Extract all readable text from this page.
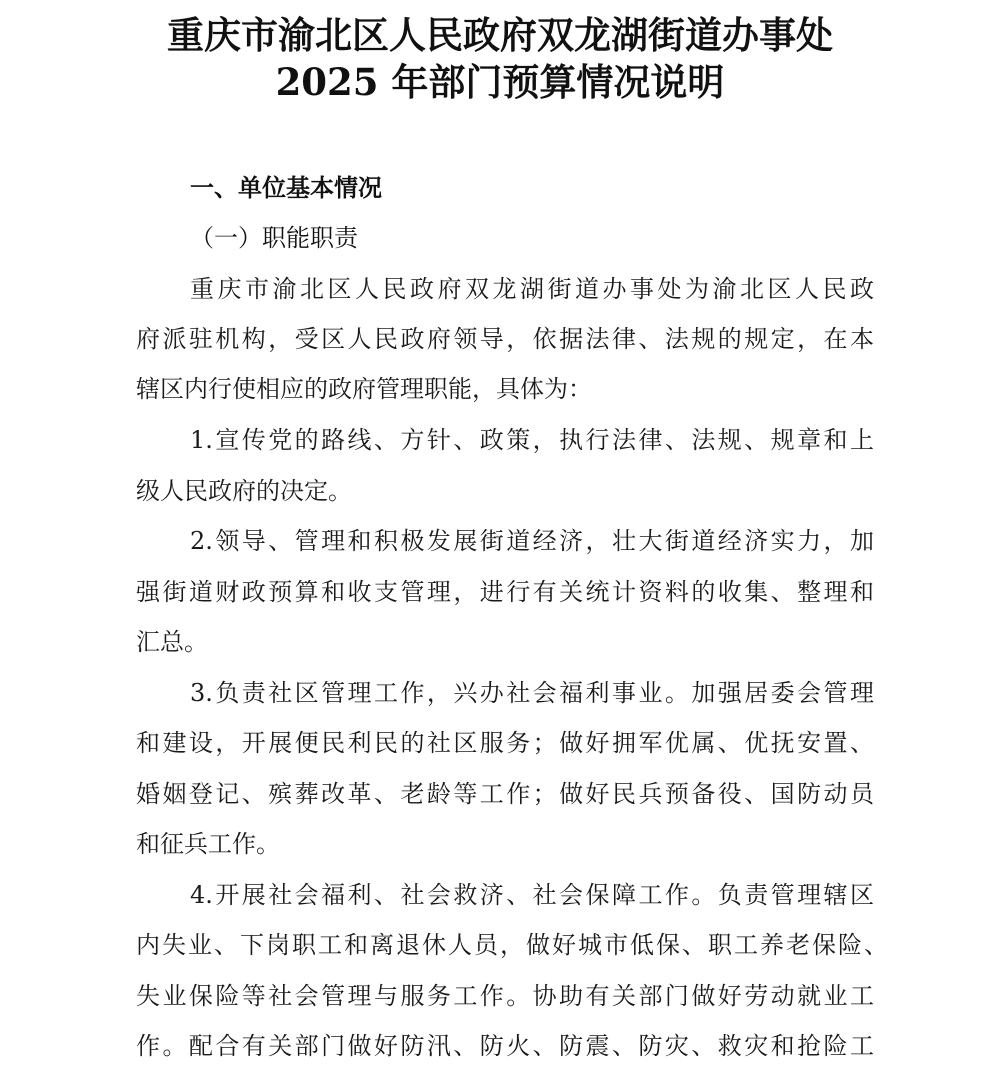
重庆市渝北区人民政府双龙湖街道办事处
2025 年部门预算情况说明
一、单位基本情况
（一）职能职责
重庆市渝北区人民政府双龙湖街道办事处为渝北区人民政
府派驻机构，受区人民政府领导，依据法律、法规的规定，在本
辖区内行使相应的政府管理职能，具体为：
1.宣传党的路线、方针、政策，执行法律、法规、规章和上
级人民政府的决定。
2.领导、管理和积极发展街道经济，壮大街道经济实力，加
强街道财政预算和收支管理，进行有关统计资料的收集、整理和
汇总。
3.负责社区管理工作，兴办社会福利事业。加强居委会管理
和建设，开展便民利民的社区服务；做好拥军优属、优抚安置、
婚姻登记、殡葬改革、老龄等工作；做好民兵预备役、国防动员
和征兵工作。
4.开展社会福利、社会救济、社会保障工作。负责管理辖区
内失业、下岗职工和离退休人员，做好城市低保、职工养老保险、
失业保险等社会管理与服务工作。协助有关部门做好劳动就业工
作。配合有关部门做好防汛、防火、防震、防灾、救灾和抢险工
